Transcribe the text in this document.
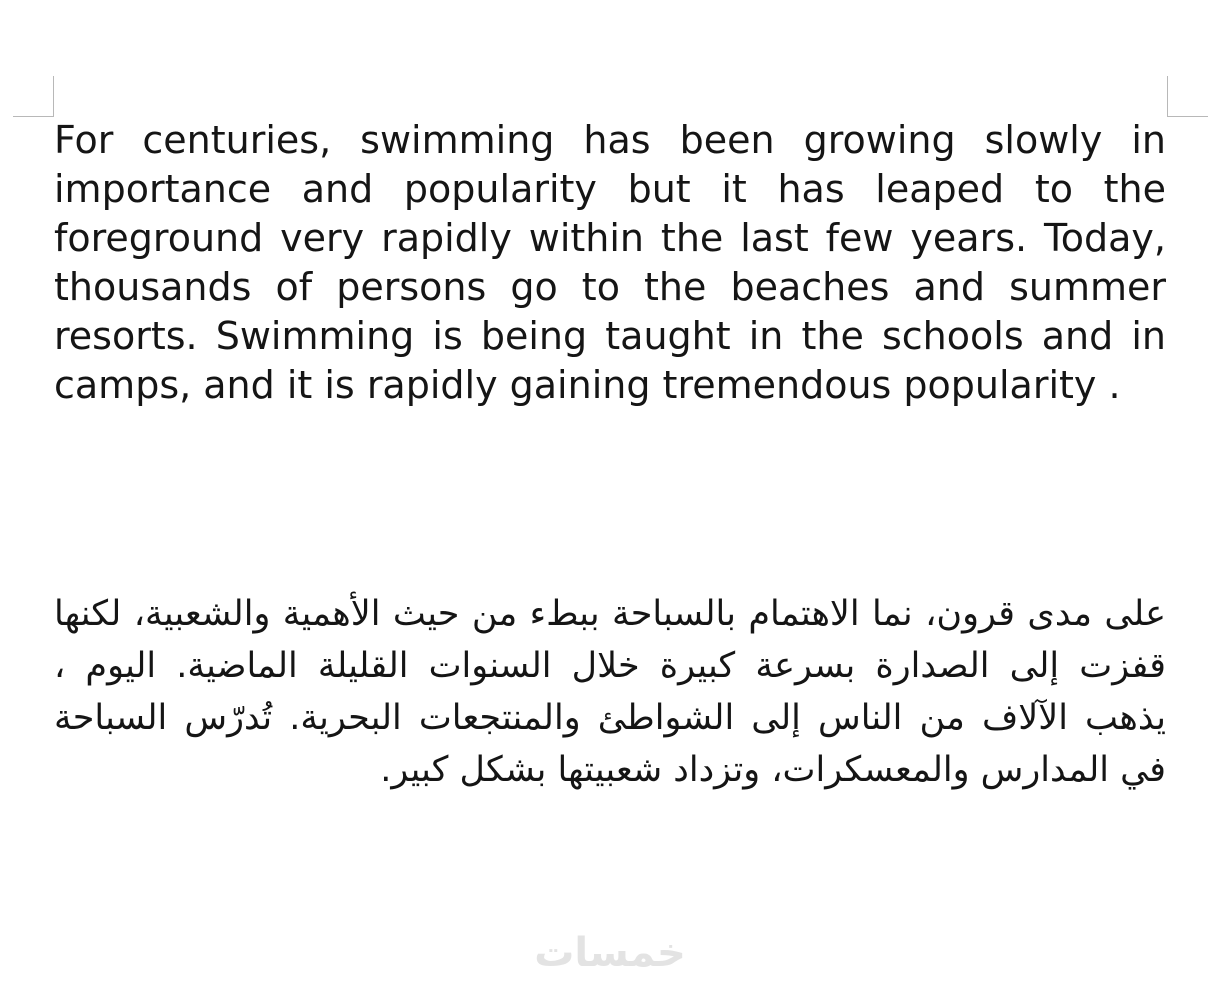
For centuries, swimming has been growing slowly in importance and popularity but it has leaped to the foreground very rapidly within the last few years. Today, thousands of persons go to the beaches and summer resorts. Swimming is being taught in the schools and in camps, and it is rapidly gaining tremendous popularity .

على مدى قرون، نما الاهتمام بالسباحة ببطء من حيث الأهمية والشعبية، لكنها قفزت إلى الصدارة بسرعة كبيرة خلال السنوات القليلة الماضية. اليوم ، يذهب الآلاف من الناس إلى الشواطئ والمنتجعات البحرية. تُدرّس السباحة في المدارس والمعسكرات، وتزداد شعبيتها بشكل كبير.

خمسات
